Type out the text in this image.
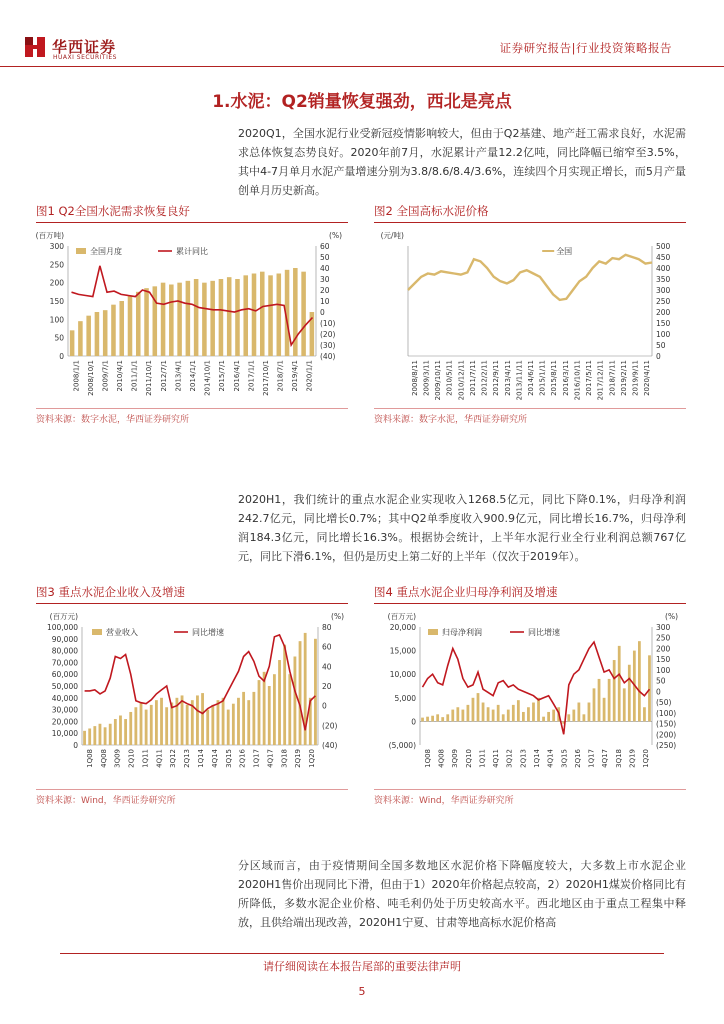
华西证券
HUAXI SECURITIES
证券研究报告|行业投资策略报告
1.水泥：Q2销量恢复强劲，西北是亮点
2020Q1，全国水泥行业受新冠疫情影响较大，但由于Q2基建、地产赶工需求良好，水泥需求总体恢复态势良好。2020年前7月，水泥累计产量12.2亿吨，同比降幅已缩窄至3.5%，其中4-7月单月水泥产量增速分别为3.8/8.6/8.4/3.6%，连续四个月实现正增长，而5月产量创单月历史新高。
图1 Q2全国水泥需求恢复良好
(百万吨)	(%)
0
50
100
150
200
250
300
(40)
(30)
(20)
(10)
0
10
20
30
40
50
60
2008/1/1 2008/10/1 2009/7/1 2010/4/1 2011/1/1 2011/10/1 2012/7/1 2013/4/1 2014/1/1 2014/10/1 2015/7/1 2016/4/1 2017/1/1 2017/10/1 2018/7/1 2019/4/1 2020/1/1
全国月度	累计同比
资料来源：数字水泥，华西证券研究所
图2 全国高标水泥价格
(元/吨)
0
50
100
150
200
250
300
350
400
450
500
2008/8/11 2009/3/11 2009/10/11 2010/5/11 2010/12/11 2011/7/11 2012/2/11 2012/9/11 2013/4/11 2013/11/11 2014/6/11 2015/1/11 2015/8/11 2016/3/11 2016/10/11 2017/5/11 2017/12/11 2018/7/11 2019/2/11 2019/9/11 2020/4/11
全国
资料来源：数字水泥，华西证券研究所
2020H1，我们统计的重点水泥企业实现收入1268.5亿元，同比下降0.1%，归母净利润242.7亿元，同比增长0.7%；其中Q2单季度收入900.9亿元，同比增长16.7%，归母净利润184.3亿元，同比增长16.3%。根据协会统计，上半年水泥行业全行业利润总额767亿元，同比下滑6.1%，但仍是历史上第二好的上半年（仅次于2019年）。
图3 重点水泥企业收入及增速
(百万元)	(%)
0
10,000
20,000
30,000
40,000
50,000
60,000
70,000
80,000
90,000
100,000
(40)
(20)
0
20
40
60
80
1Q08 4Q08 3Q09 2Q10 1Q11 4Q11 3Q12 2Q13 1Q14 4Q14 3Q15 2Q16 1Q17 4Q17 3Q18 2Q19 1Q20
营业收入	同比增速
资料来源：Wind，华西证券研究所
图4 重点水泥企业归母净利润及增速
(百万元)	(%)
(5,000)
0
5,000
10,000
15,000
20,000
(250)
(200)
(150)
(100)
(50)
0
50
100
150
200
250
300
1Q08 4Q08 3Q09 2Q10 1Q11 4Q11 3Q12 2Q13 1Q14 4Q14 3Q15 2Q16 1Q17 4Q17 3Q18 2Q19 1Q20
归母净利润	同比增速
资料来源：Wind，华西证券研究所
分区域而言，由于疫情期间全国多数地区水泥价格下降幅度较大，大多数上市水泥企业2020H1售价出现同比下滑，但由于1）2020年价格起点较高，2）2020H1煤炭价格同比有所降低，多数水泥企业价格、吨毛利仍处于历史较高水平。西北地区由于重点工程集中释放，且供给端出现改善，2020H1宁夏、甘肃等地高标水泥价格高
请仔细阅读在本报告尾部的重要法律声明
5
